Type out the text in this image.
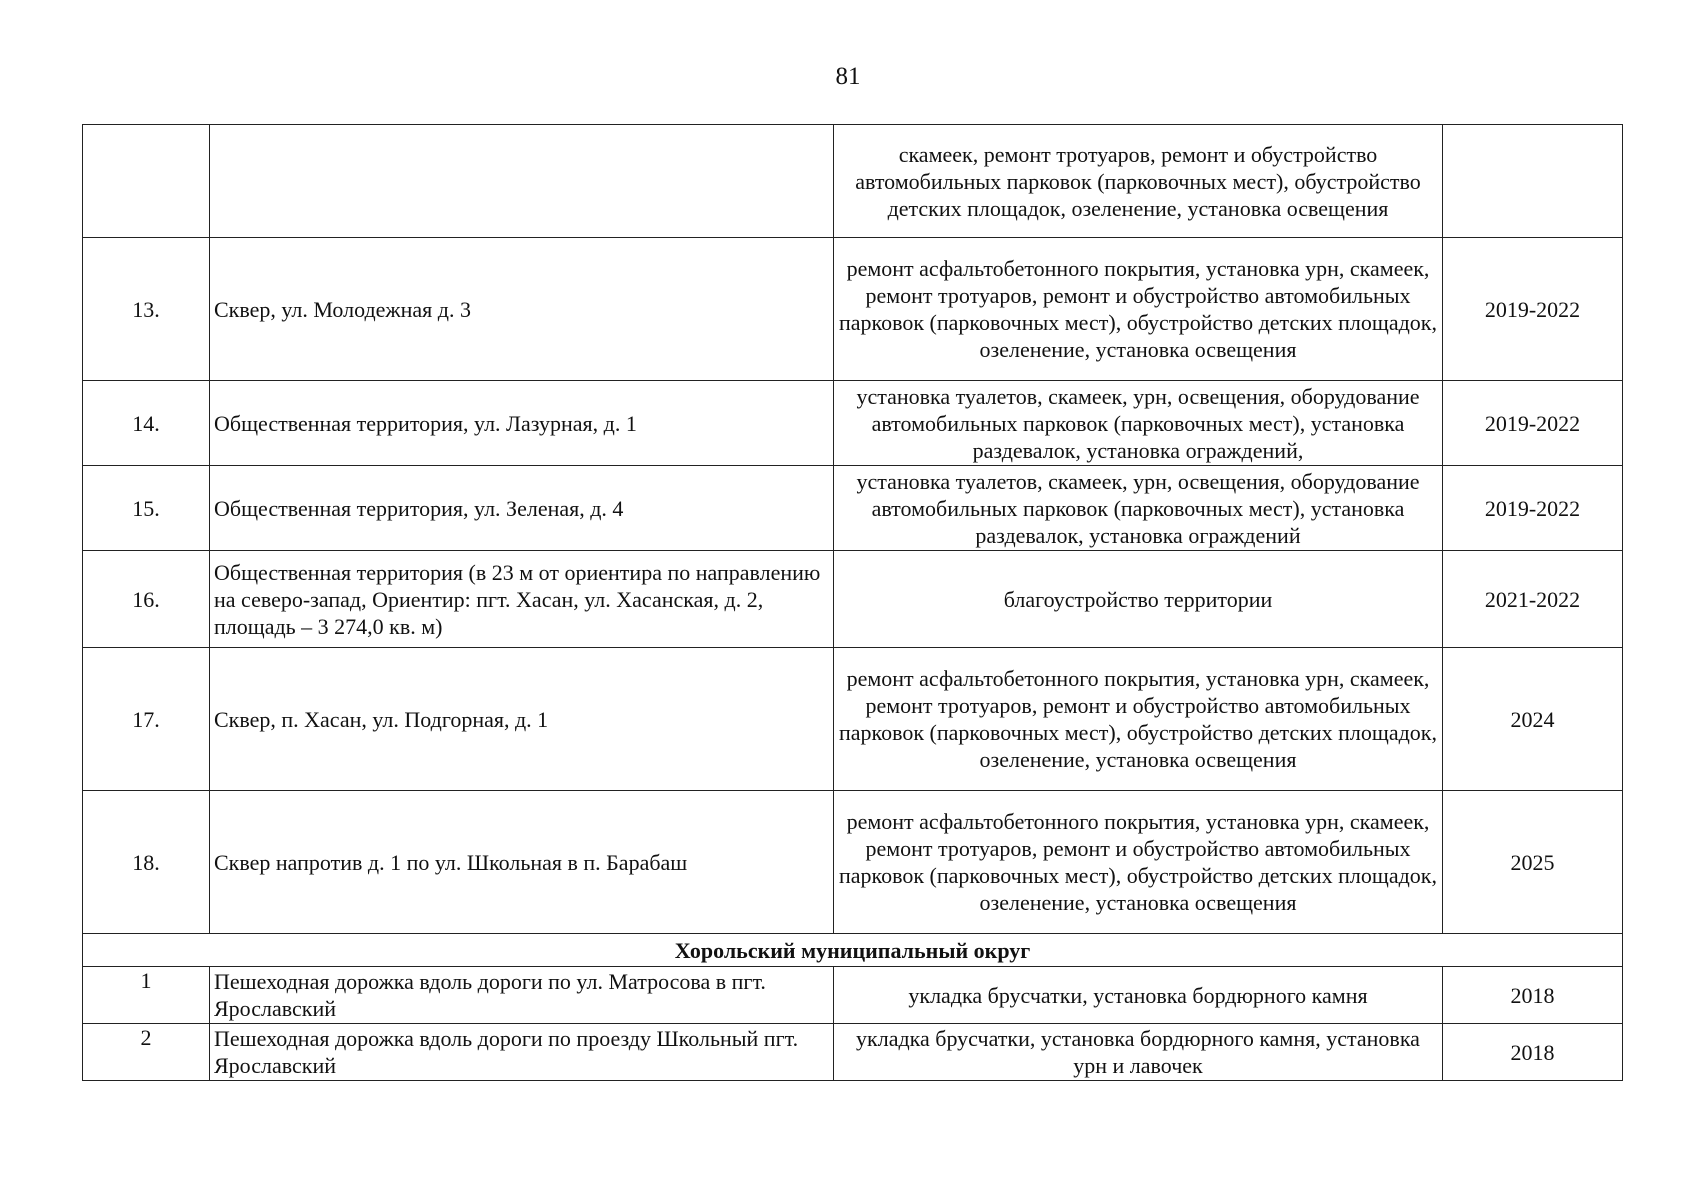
81
		скамеек, ремонт тротуаров, ремонт и обустройство автомобильных парковок (парковочных мест), обустройство детских площадок, озеленение, установка освещения	
13.	Сквер, ул. Молодежная д. 3	ремонт асфальтобетонного покрытия, установка урн, скамеек, ремонт тротуаров, ремонт и обустройство автомобильных парковок (парковочных мест), обустройство детских площадок, озеленение, установка освещения	2019-2022
14.	Общественная территория, ул. Лазурная, д. 1	установка туалетов, скамеек, урн, освещения, оборудование автомобильных парковок (парковочных мест), установка раздевалок, установка ограждений,	2019-2022
15.	Общественная территория, ул. Зеленая, д. 4	установка туалетов, скамеек, урн, освещения, оборудование автомобильных парковок (парковочных мест), установка раздевалок, установка ограждений	2019-2022
16.	Общественная территория (в 23 м от ориентира по направлению на северо-запад, Ориентир: пгт. Хасан, ул. Хасанская, д. 2, площадь – 3 274,0 кв. м)	благоустройство территории	2021-2022
17.	Сквер, п. Хасан, ул. Подгорная, д. 1	ремонт асфальтобетонного покрытия, установка урн, скамеек, ремонт тротуаров, ремонт и обустройство автомобильных парковок (парковочных мест), обустройство детских площадок, озеленение, установка освещения	2024
18.	Сквер напротив д. 1 по ул. Школьная в п. Барабаш	ремонт асфальтобетонного покрытия, установка урн, скамеек, ремонт тротуаров, ремонт и обустройство автомобильных парковок (парковочных мест), обустройство детских площадок, озеленение, установка освещения	2025
Хорольский муниципальный округ			
1	Пешеходная дорожка вдоль дороги по ул. Матросова в пгт. Ярославский	укладка брусчатки, установка бордюрного камня	2018
2	Пешеходная дорожка вдоль дороги по проезду Школьный пгт. Ярославский	укладка брусчатки, установка бордюрного камня, установка урн и лавочек	2018
